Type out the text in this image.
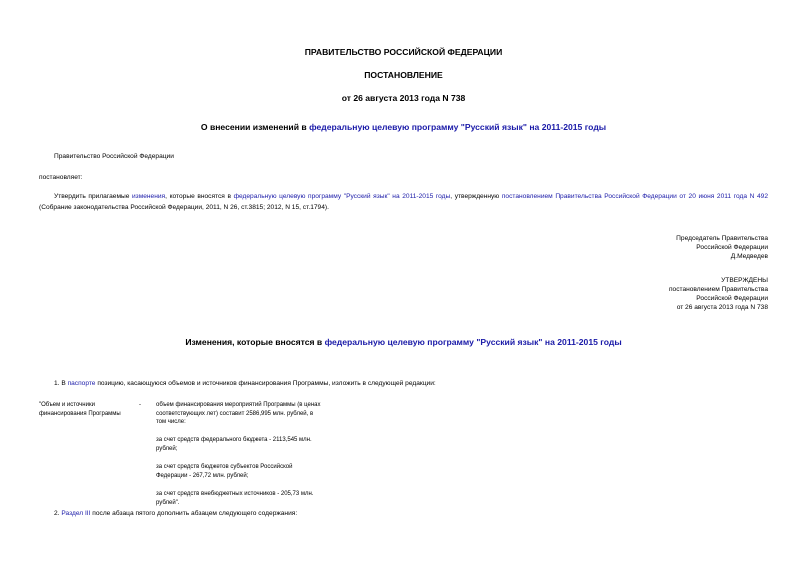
ПРАВИТЕЛЬСТВО РОССИЙСКОЙ ФЕДЕРАЦИИ
ПОСТАНОВЛЕНИЕ
от 26 августа 2013 года N 738
О внесении изменений в федеральную целевую программу "Русский язык" на 2011-2015 годы
Правительство Российской Федерации
постановляет:
Утвердить прилагаемые изменения, которые вносятся в федеральную целевую программу "Русский язык" на 2011-2015 годы, утвержденную постановлением Правительства Российской Федерации от 20 июня 2011 года N 492 (Собрание законодательства Российской Федерации, 2011, N 26, ст.3815; 2012, N 15, ст.1794).
Председатель Правительства
Российской Федерации
Д.Медведев
УТВЕРЖДЕНЫ
постановлением Правительства
Российской Федерации
от 26 августа 2013 года N 738
Изменения, которые вносятся в федеральную целевую программу "Русский язык" на 2011-2015 годы
1. В паспорте позицию, касающуюся объемов и источников финансирования Программы, изложить в следующей редакции:
"Объем и источники
финансирования Программы
-	объем финансирования мероприятий Программы (в ценах
соответствующих лет) составит 2586,995 млн. рублей, в
том числе:
за счет средств федерального бюджета - 2113,545 млн.
рублей;
за счет средств бюджетов субъектов Российской
Федерации - 267,72 млн. рублей;
за счет средств внебюджетных источников - 205,73 млн.
рублей".
2. Раздел III после абзаца пятого дополнить абзацем следующего содержания:
